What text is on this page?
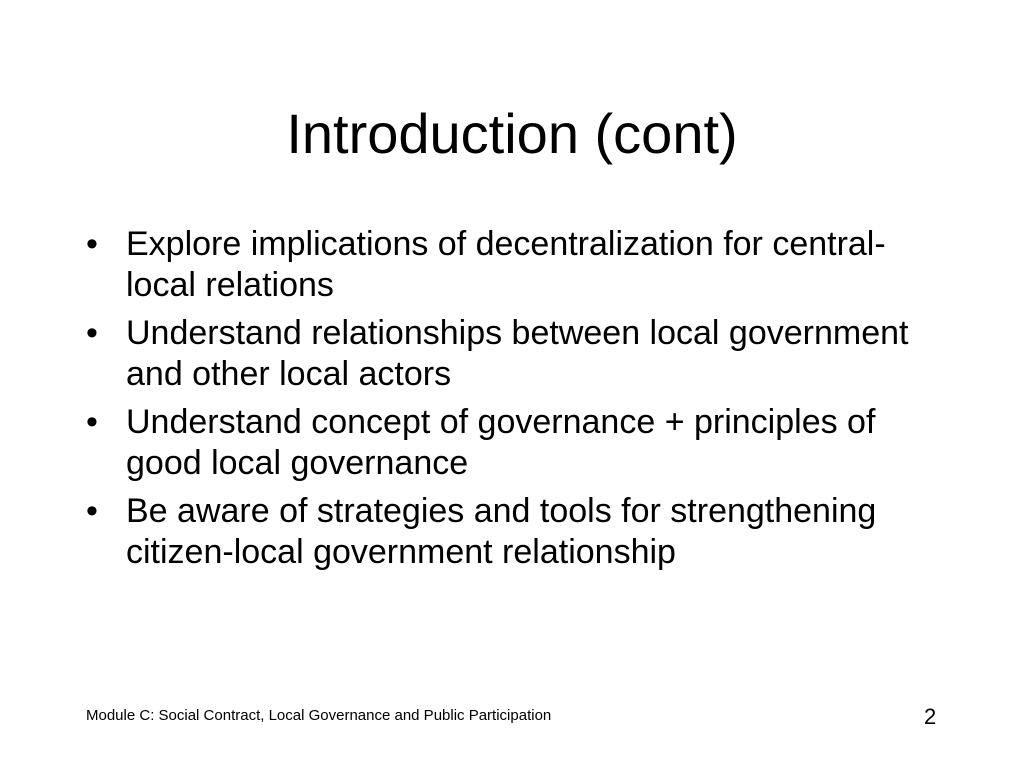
Introduction (cont)
• Explore implications of decentralization for central-local relations
• Understand relationships between local government and other local actors
• Understand concept of governance + principles of good local governance
• Be aware of strategies and tools for strengthening citizen-local government relationship
Module C: Social Contract, Local Governance and Public Participation	2
